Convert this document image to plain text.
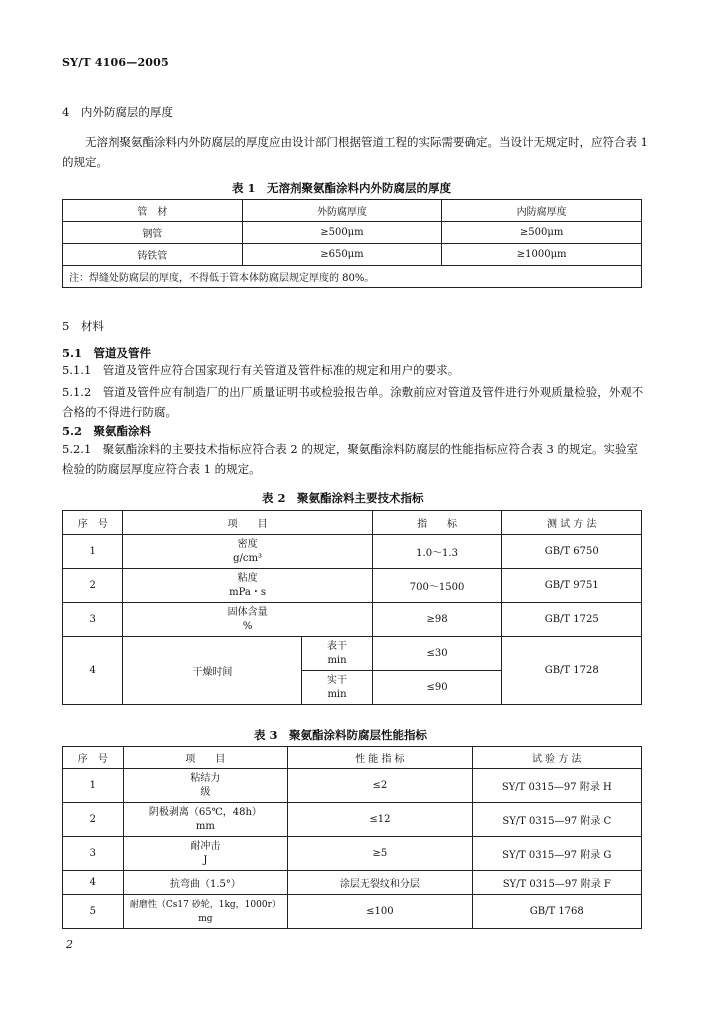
SY/T 4106—2005
4　内外防腐层的厚度
无溶剂聚氨酯涂料内外防腐层的厚度应由设计部门根据管道工程的实际需要确定。当设计无规定时，应符合表 1 的规定。
表 1　无溶剂聚氨酯涂料内外防腐层的厚度
管　材	外防腐厚度	内防腐厚度
钢管	≥500μm	≥500μm
铸铁管	≥650μm	≥1000μm
注：焊缝处防腐层的厚度，不得低于管本体防腐层规定厚度的 80%。		
5　材料
5.1　管道及管件
5.1.1　管道及管件应符合国家现行有关管道及管件标准的规定和用户的要求。
5.1.2　管道及管件应有制造厂的出厂质量证明书或检验报告单。涂敷前应对管道及管件进行外观质量检验，外观不合格的不得进行防腐。
5.2　聚氨酯涂料
5.2.1　聚氨酯涂料的主要技术指标应符合表 2 的规定，聚氨酯涂料防腐层的性能指标应符合表 3 的规定。实验室检验的防腐层厚度应符合表 1 的规定。
表 2　聚氨酯涂料主要技术指标
序　号	项　　目		指　　标	测 试 方 法
1	密度
g/cm³		1.0～1.3	GB/T 6750
2	粘度
mPa・s		700～1500	GB/T 9751
3	固体含量
%		≥98	GB/T 1725
4	干燥时间	表干
min	≤30	GB/T 1728
		实干
min	≤90	
表 3　聚氨酯涂料防腐层性能指标
序　号	项　　目	性 能 指 标	试 验 方 法
1	粘结力
级	≤2	SY/T 0315—97 附录 H
2	阴极剥离（65℃，48h）
mm	≤12	SY/T 0315—97 附录 C
3	耐冲击
J	≥5	SY/T 0315—97 附录 G
4	抗弯曲（1.5°）	涂层无裂纹和分层	SY/T 0315—97 附录 F
5	耐磨性（Cs17 砂轮，1kg，1000r）
mg	≤100	GB/T 1768
2
